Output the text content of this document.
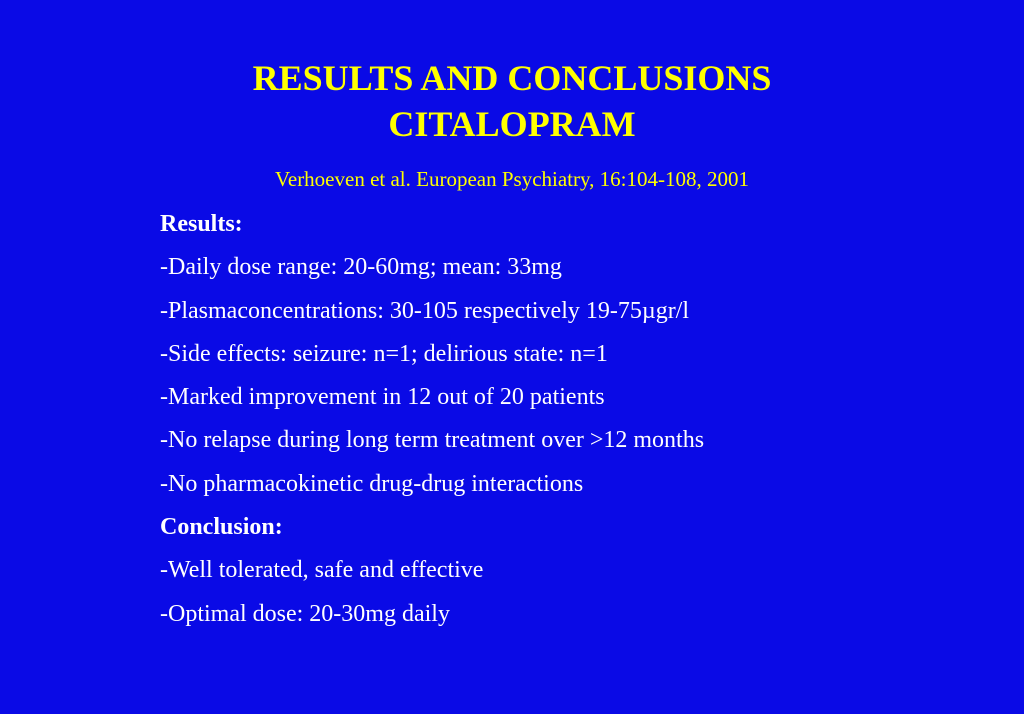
RESULTS AND CONCLUSIONS
CITALOPRAM
Verhoeven et al. European Psychiatry, 16:104-108, 2001
Results:
-Daily dose range: 20-60mg; mean: 33mg
-Plasmaconcentrations: 30-105 respectively 19-75µgr/l
-Side effects: seizure: n=1; delirious state: n=1
-Marked improvement in 12 out of 20 patients
-No relapse during long term treatment over >12 months
-No pharmacokinetic drug-drug interactions
Conclusion:
-Well tolerated, safe and effective
-Optimal dose: 20-30mg daily
